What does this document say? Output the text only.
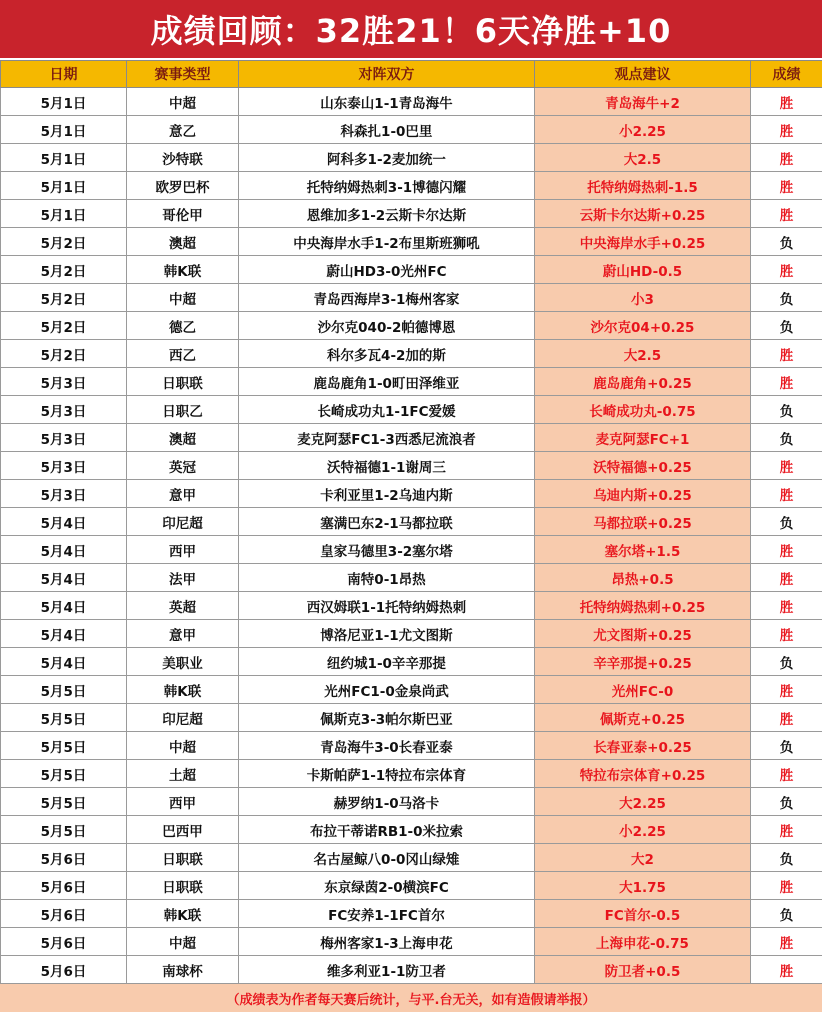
成绩回顾：32胜21！6天净胜+10
日期	赛事类型	对阵双方	观点建议	成绩
5月1日	中超	山东泰山1-1青岛海牛	青岛海牛+2	胜
5月1日	意乙	科森扎1-0巴里	小2.25	胜
5月1日	沙特联	阿科多1-2麦加统一	大2.5	胜
5月1日	欧罗巴杯	托特纳姆热刺3-1博德闪耀	托特纳姆热刺-1.5	胜
5月1日	哥伦甲	恩维加多1-2云斯卡尔达斯	云斯卡尔达斯+0.25	胜
5月2日	澳超	中央海岸水手1-2布里斯班狮吼	中央海岸水手+0.25	负
5月2日	韩K联	蔚山HD3-0光州FC	蔚山HD-0.5	胜
5月2日	中超	青岛西海岸3-1梅州客家	小3	负
5月2日	德乙	沙尔克040-2帕德博恩	沙尔克04+0.25	负
5月2日	西乙	科尔多瓦4-2加的斯	大2.5	胜
5月3日	日职联	鹿岛鹿角1-0町田泽维亚	鹿岛鹿角+0.25	胜
5月3日	日职乙	长崎成功丸1-1FC爱媛	长崎成功丸-0.75	负
5月3日	澳超	麦克阿瑟FC1-3西悉尼流浪者	麦克阿瑟FC+1	负
5月3日	英冠	沃特福德1-1谢周三	沃特福德+0.25	胜
5月3日	意甲	卡利亚里1-2乌迪内斯	乌迪内斯+0.25	胜
5月4日	印尼超	塞满巴东2-1马都拉联	马都拉联+0.25	负
5月4日	西甲	皇家马德里3-2塞尔塔	塞尔塔+1.5	胜
5月4日	法甲	南特0-1昂热	昂热+0.5	胜
5月4日	英超	西汉姆联1-1托特纳姆热刺	托特纳姆热刺+0.25	胜
5月4日	意甲	博洛尼亚1-1尤文图斯	尤文图斯+0.25	胜
5月4日	美职业	纽约城1-0辛辛那提	辛辛那提+0.25	负
5月5日	韩K联	光州FC1-0金泉尚武	光州FC-0	胜
5月5日	印尼超	佩斯克3-3帕尔斯巴亚	佩斯克+0.25	胜
5月5日	中超	青岛海牛3-0长春亚泰	长春亚泰+0.25	负
5月5日	土超	卡斯帕萨1-1特拉布宗体育	特拉布宗体育+0.25	胜
5月5日	西甲	赫罗纳1-0马洛卡	大2.25	负
5月5日	巴西甲	布拉干蒂诺RB1-0米拉索	小2.25	胜
5月6日	日职联	名古屋鲸八0-0冈山绿雉	大2	负
5月6日	日职联	东京绿茵2-0横滨FC	大1.75	胜
5月6日	韩K联	FC安养1-1FC首尔	FC首尔-0.5	负
5月6日	中超	梅州客家1-3上海申花	上海申花-0.75	胜
5月6日	南球杯	维多利亚1-1防卫者	防卫者+0.5	胜
（成绩表为作者每天赛后统计，与平.台无关，如有造假请举报）
